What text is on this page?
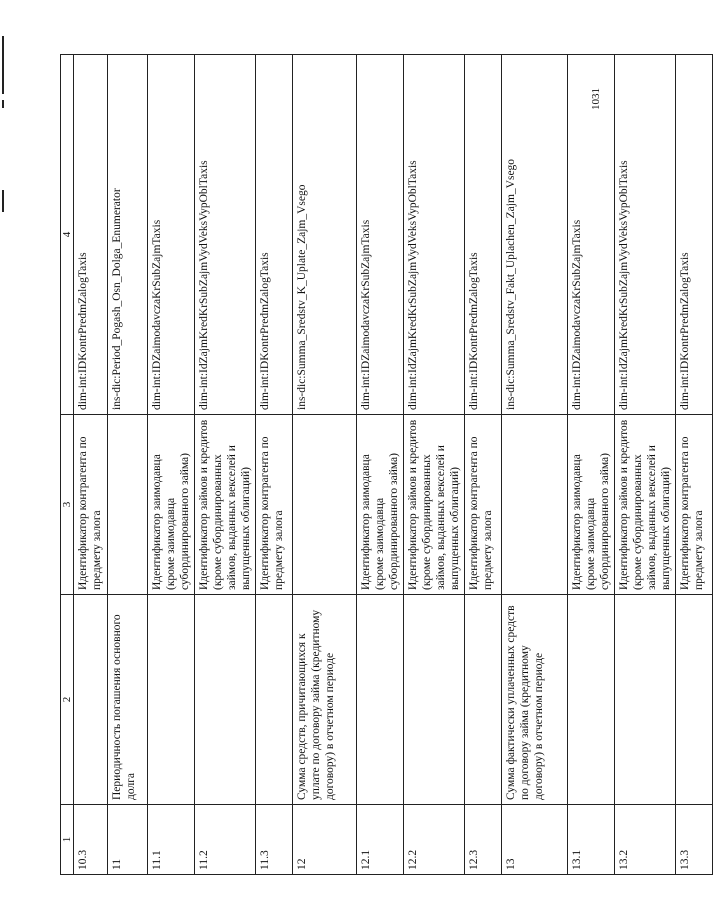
1031
1	2	3	4
10.3		Идентификатор контрагента по предмету залога	dim-int:IDKontrPredmZalogTaxis
11	Периодичность погашения основного долга		ins-dic:Period_Pogash_Osn_Dolga_Enumerator
11.1		Идентификатор заимодавца (кроме заимодавца субординированного займа)	dim-int:IDZaimodavczaKrSubZajmTaxis
11.2		Идентификатор займов и кредитов (кроме субординированных займов, выданных векселей и выпущенных облигаций)	dim-int:IdZajmKredKrSubZajmVydVeksVypOblTaxis
11.3		Идентификатор контрагента по предмету залога	dim-int:IDKontrPredmZalogTaxis
12	Сумма средств, причитающихся к уплате по договору займа (кредитному договору) в отчетном периоде		ins-dic:Summa_Sredstv_K_Uplate_Zajm_Vsego
12.1		Идентификатор заимодавца (кроме заимодавца субординированного займа)	dim-int:IDZaimodavczaKrSubZajmTaxis
12.2		Идентификатор займов и кредитов (кроме субординированных займов, выданных векселей и выпущенных облигаций)	dim-int:IdZajmKredKrSubZajmVydVeksVypOblTaxis
12.3		Идентификатор контрагента по предмету залога	dim-int:IDKontrPredmZalogTaxis
13	Сумма фактически уплаченных средств по договору займа (кредитному договору) в отчетном периоде		ins-dic:Summa_Sredstv_Fakt_Uplachen_Zajm_Vsego
13.1		Идентификатор заимодавца (кроме заимодавца субординированного займа)	dim-int:IDZaimodavczaKrSubZajmTaxis
13.2		Идентификатор займов и кредитов (кроме субординированных займов, выданных векселей и выпущенных облигаций)	dim-int:IdZajmKredKrSubZajmVydVeksVypOblTaxis
13.3		Идентификатор контрагента по предмету залога	dim-int:IDKontrPredmZalogTaxis
